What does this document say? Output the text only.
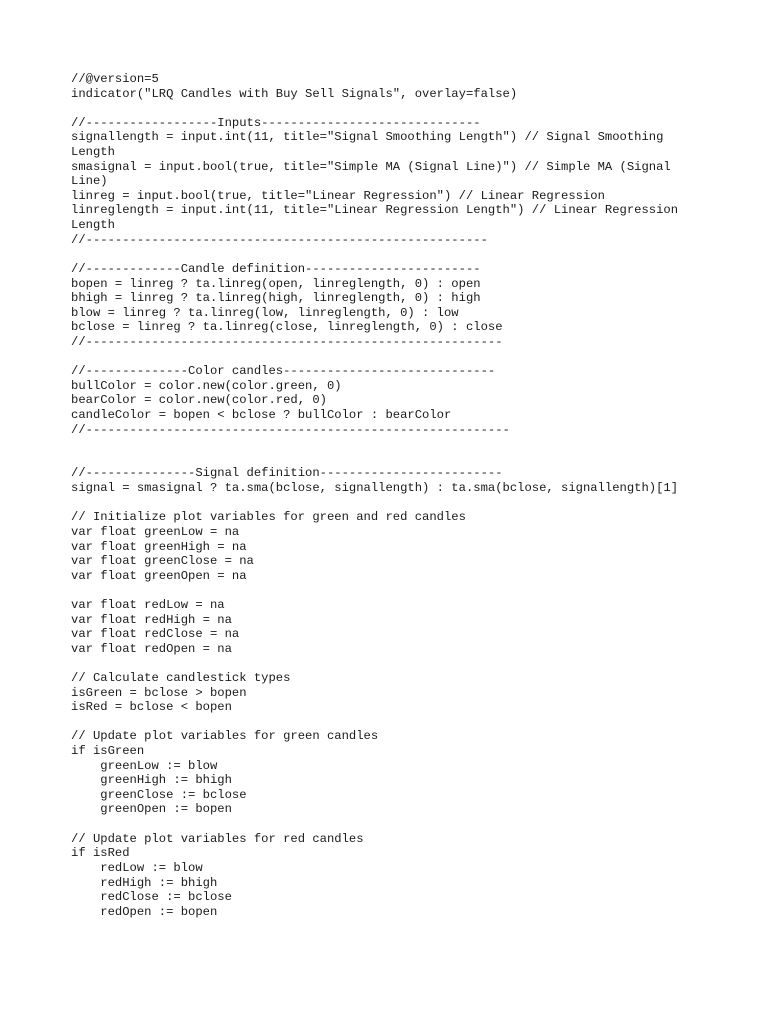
//@version=5
indicator("LRQ Candles with Buy Sell Signals", overlay=false)
//------------------Inputs------------------------------
signallength = input.int(11, title="Signal Smoothing Length") // Signal Smoothing
Length
smasignal = input.bool(true, title="Simple MA (Signal Line)") // Simple MA (Signal
Line)
linreg = input.bool(true, title="Linear Regression") // Linear Regression
linreglength = input.int(11, title="Linear Regression Length") // Linear Regression
Length
//-------------------------------------------------------
//-------------Candle definition------------------------
bopen = linreg ? ta.linreg(open, linreglength, 0) : open
bhigh = linreg ? ta.linreg(high, linreglength, 0) : high
blow = linreg ? ta.linreg(low, linreglength, 0) : low
bclose = linreg ? ta.linreg(close, linreglength, 0) : close
//---------------------------------------------------------
//--------------Color candles-----------------------------
bullColor = color.new(color.green, 0)
bearColor = color.new(color.red, 0)
candleColor = bopen < bclose ? bullColor : bearColor
//----------------------------------------------------------
//---------------Signal definition-------------------------
signal = smasignal ? ta.sma(bclose, signallength) : ta.sma(bclose, signallength)[1]
// Initialize plot variables for green and red candles
var float greenLow = na
var float greenHigh = na
var float greenClose = na
var float greenOpen = na
var float redLow = na
var float redHigh = na
var float redClose = na
var float redOpen = na
// Calculate candlestick types
isGreen = bclose > bopen
isRed = bclose < bopen
// Update plot variables for green candles
if isGreen
greenLow := blow
greenHigh := bhigh
greenClose := bclose
greenOpen := bopen
// Update plot variables for red candles
if isRed
redLow := blow
redHigh := bhigh
redClose := bclose
redOpen := bopen
